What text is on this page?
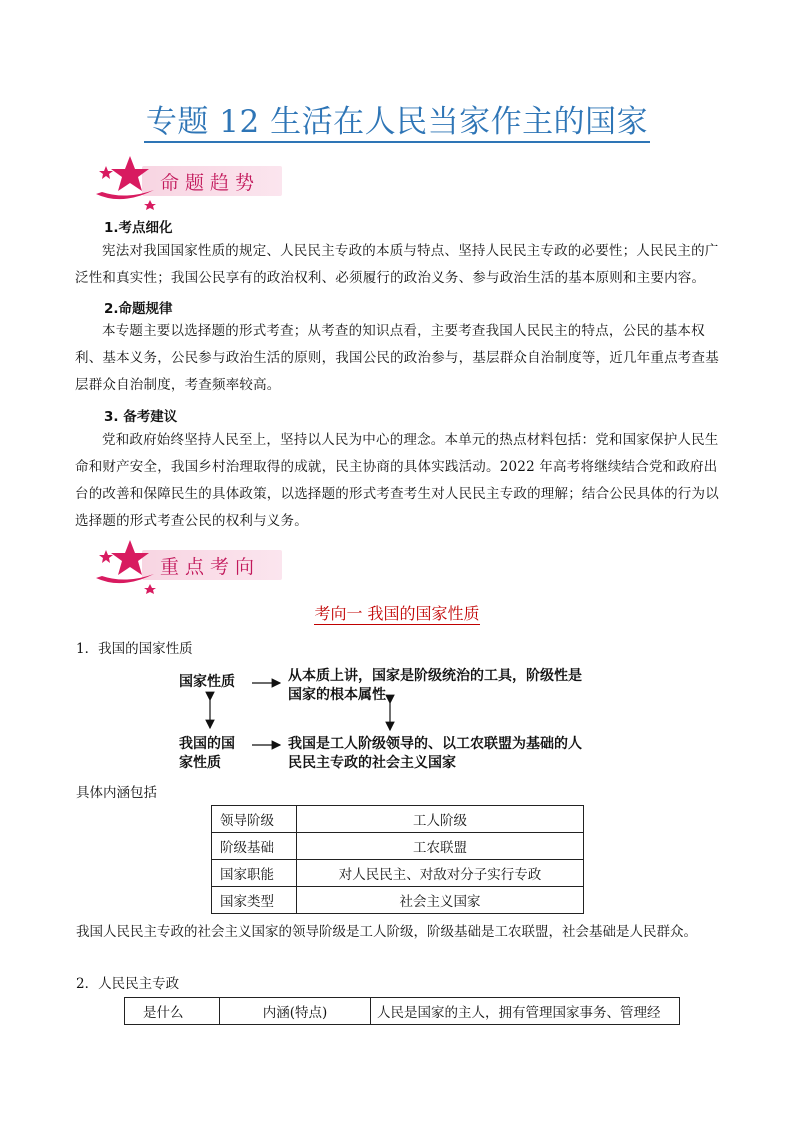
专题 12 生活在人民当家作主的国家
命题趋势
1.考点细化
宪法对我国国家性质的规定、人民民主专政的本质与特点、坚持人民民主专政的必要性；人民民主的广泛性和真实性；我国公民享有的政治权利、必须履行的政治义务、参与政治生活的基本原则和主要内容。
2.命题规律
本专题主要以选择题的形式考查；从考查的知识点看，主要考查我国人民民主的特点，公民的基本权利、基本义务，公民参与政治生活的原则，我国公民的政治参与，基层群众自治制度等，近几年重点考查基层群众自治制度，考查频率较高。
3. 备考建议
党和政府始终坚持人民至上，坚持以人民为中心的理念。本单元的热点材料包括：党和国家保护人民生命和财产安全，我国乡村治理取得的成就，民主协商的具体实践活动。2022 年高考将继续结合党和政府出台的改善和保障民生的具体政策，以选择题的形式考查考生对人民民主专政的理解；结合公民具体的行为以选择题的形式考查公民的权利与义务。
重点考向
考向一 我国的国家性质
1．我国的国家性质
国家性质	从本质上讲，国家是阶级统治的工具，阶级性是
国家的根本属性
我国的国
家性质
我国是工人阶级领导的、以工农联盟为基础的人
民民主专政的社会主义国家
具体内涵包括
领导阶级	工人阶级
阶级基础	工农联盟
国家职能	对人民民主、对敌对分子实行专政
国家类型	社会主义国家
我国人民民主专政的社会主义国家的领导阶级是工人阶级，阶级基础是工农联盟，社会基础是人民群众。
2．人民民主专政
是什么	内涵(特点)	人民是国家的主人，拥有管理国家事务、管理经
